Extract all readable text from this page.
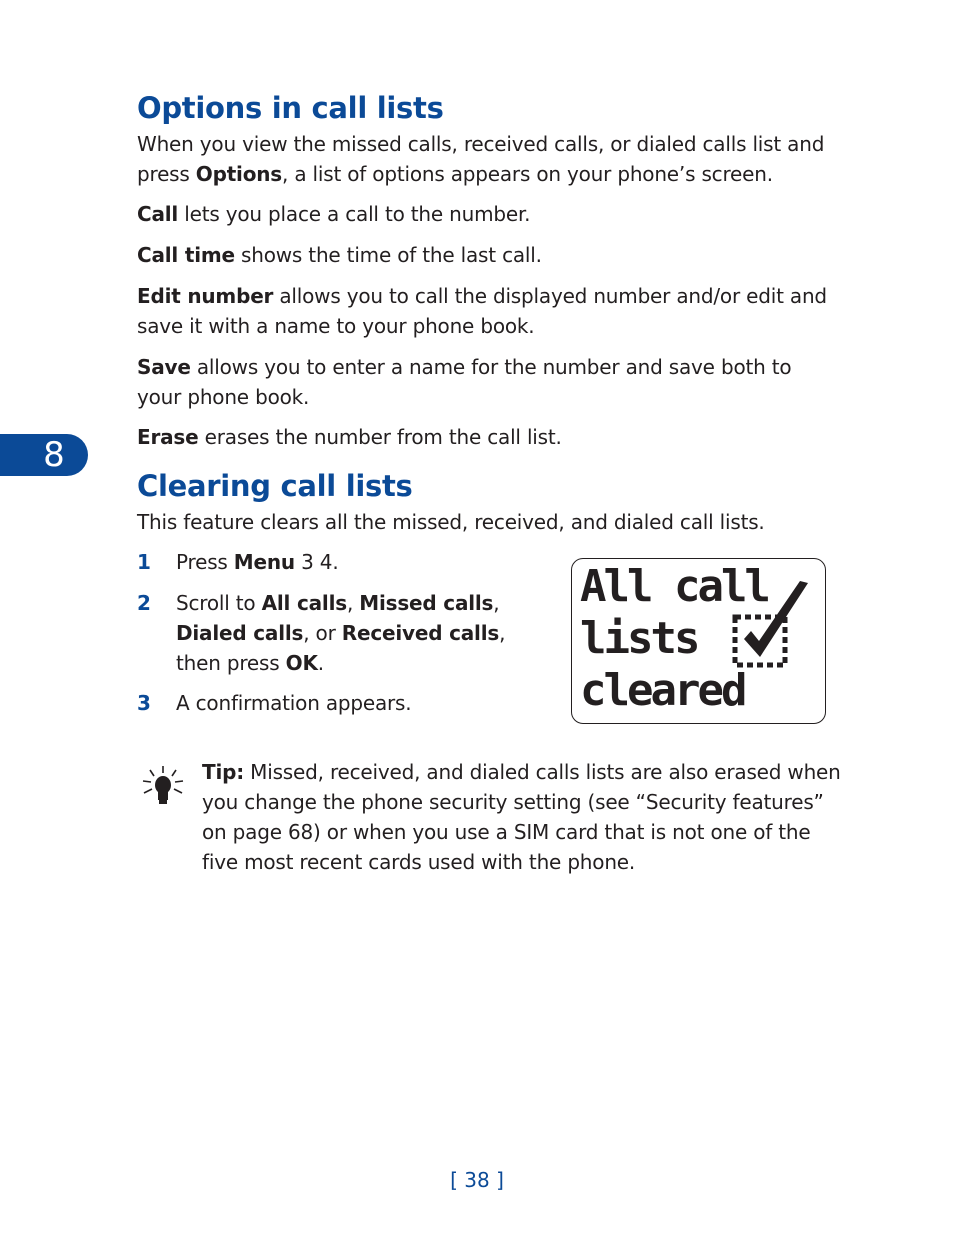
Options in call lists

When you view the missed calls, received calls, or dialed calls list and press Options, a list of options appears on your phone’s screen.

Call lets you place a call to the number.

Call time shows the time of the last call.

Edit number allows you to call the displayed number and/or edit and save it with a name to your phone book.

Save allows you to enter a name for the number and save both to your phone book.

Erase erases the number from the call list.

8
Clearing call lists

This feature clears all the missed, received, and dialed call lists.

1 Press Menu 3 4.
2 Scroll to All calls, Missed calls,
Dialed calls, or Received calls,
then press OK.
3 A confirmation appears.
All call
lists
cleared

Tip: Missed, received, and dialed calls lists are also erased when you change the phone security setting (see “Security features” on page 68) or when you use a SIM card that is not one of the five most recent cards used with the phone.

[ 38 ]
